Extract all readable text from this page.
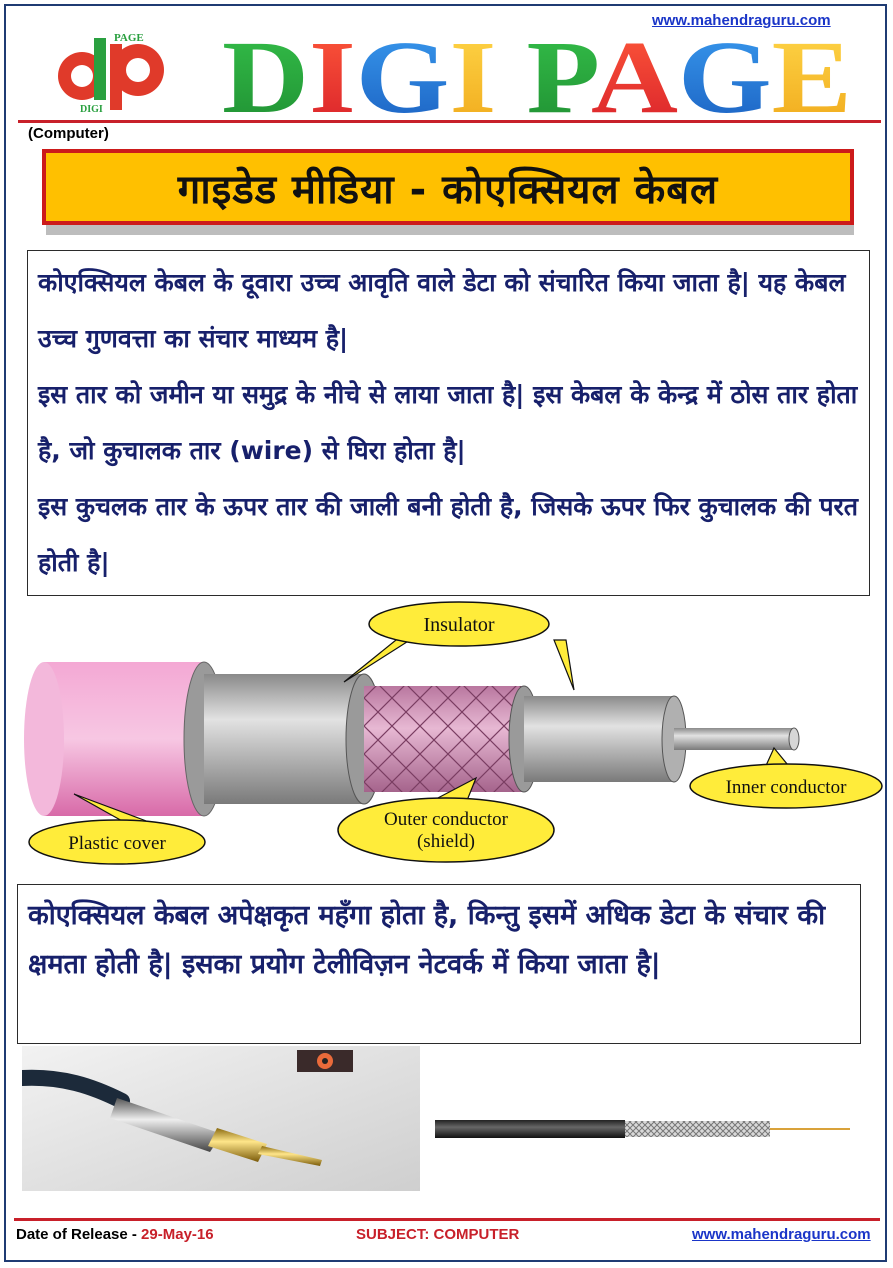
www.mahendraguru.com
PAGE
DIGI D IG I PA G E
(Computer)
गाइडेड मीडिया - कोएक्सियल केबल

कोएक्सियल केबल के दूवारा उच्च आवृति वाले डेटा को संचारित किया जाता है| यह केबल उच्च गुणवत्ता का संचार माध्यम है|

इस तार को जमीन या समुद्र के नीचे से लाया जाता है| इस केबल के केन्द्र में ठोस तार होता है, जो कुचालक तार (wire) से घिरा होता है|

इस कुचलक तार के ऊपर तार की जाली बनी होती है, जिसके ऊपर फिर कुचालक की परत होती है|

Insulator
Inner conductor
Outer conductor
(shield)
Plastic cover

कोएक्सियल केबल अपेक्षकृत महँगा होता है, किन्तु इसमें अधिक डेटा के संचार की क्षमता होती है| इसका प्रयोग टेलीविज़न नेटवर्क में किया जाता है|

Date of Release - 29-May-16	SUBJECT: COMPUTER	www.mahendraguru.com
